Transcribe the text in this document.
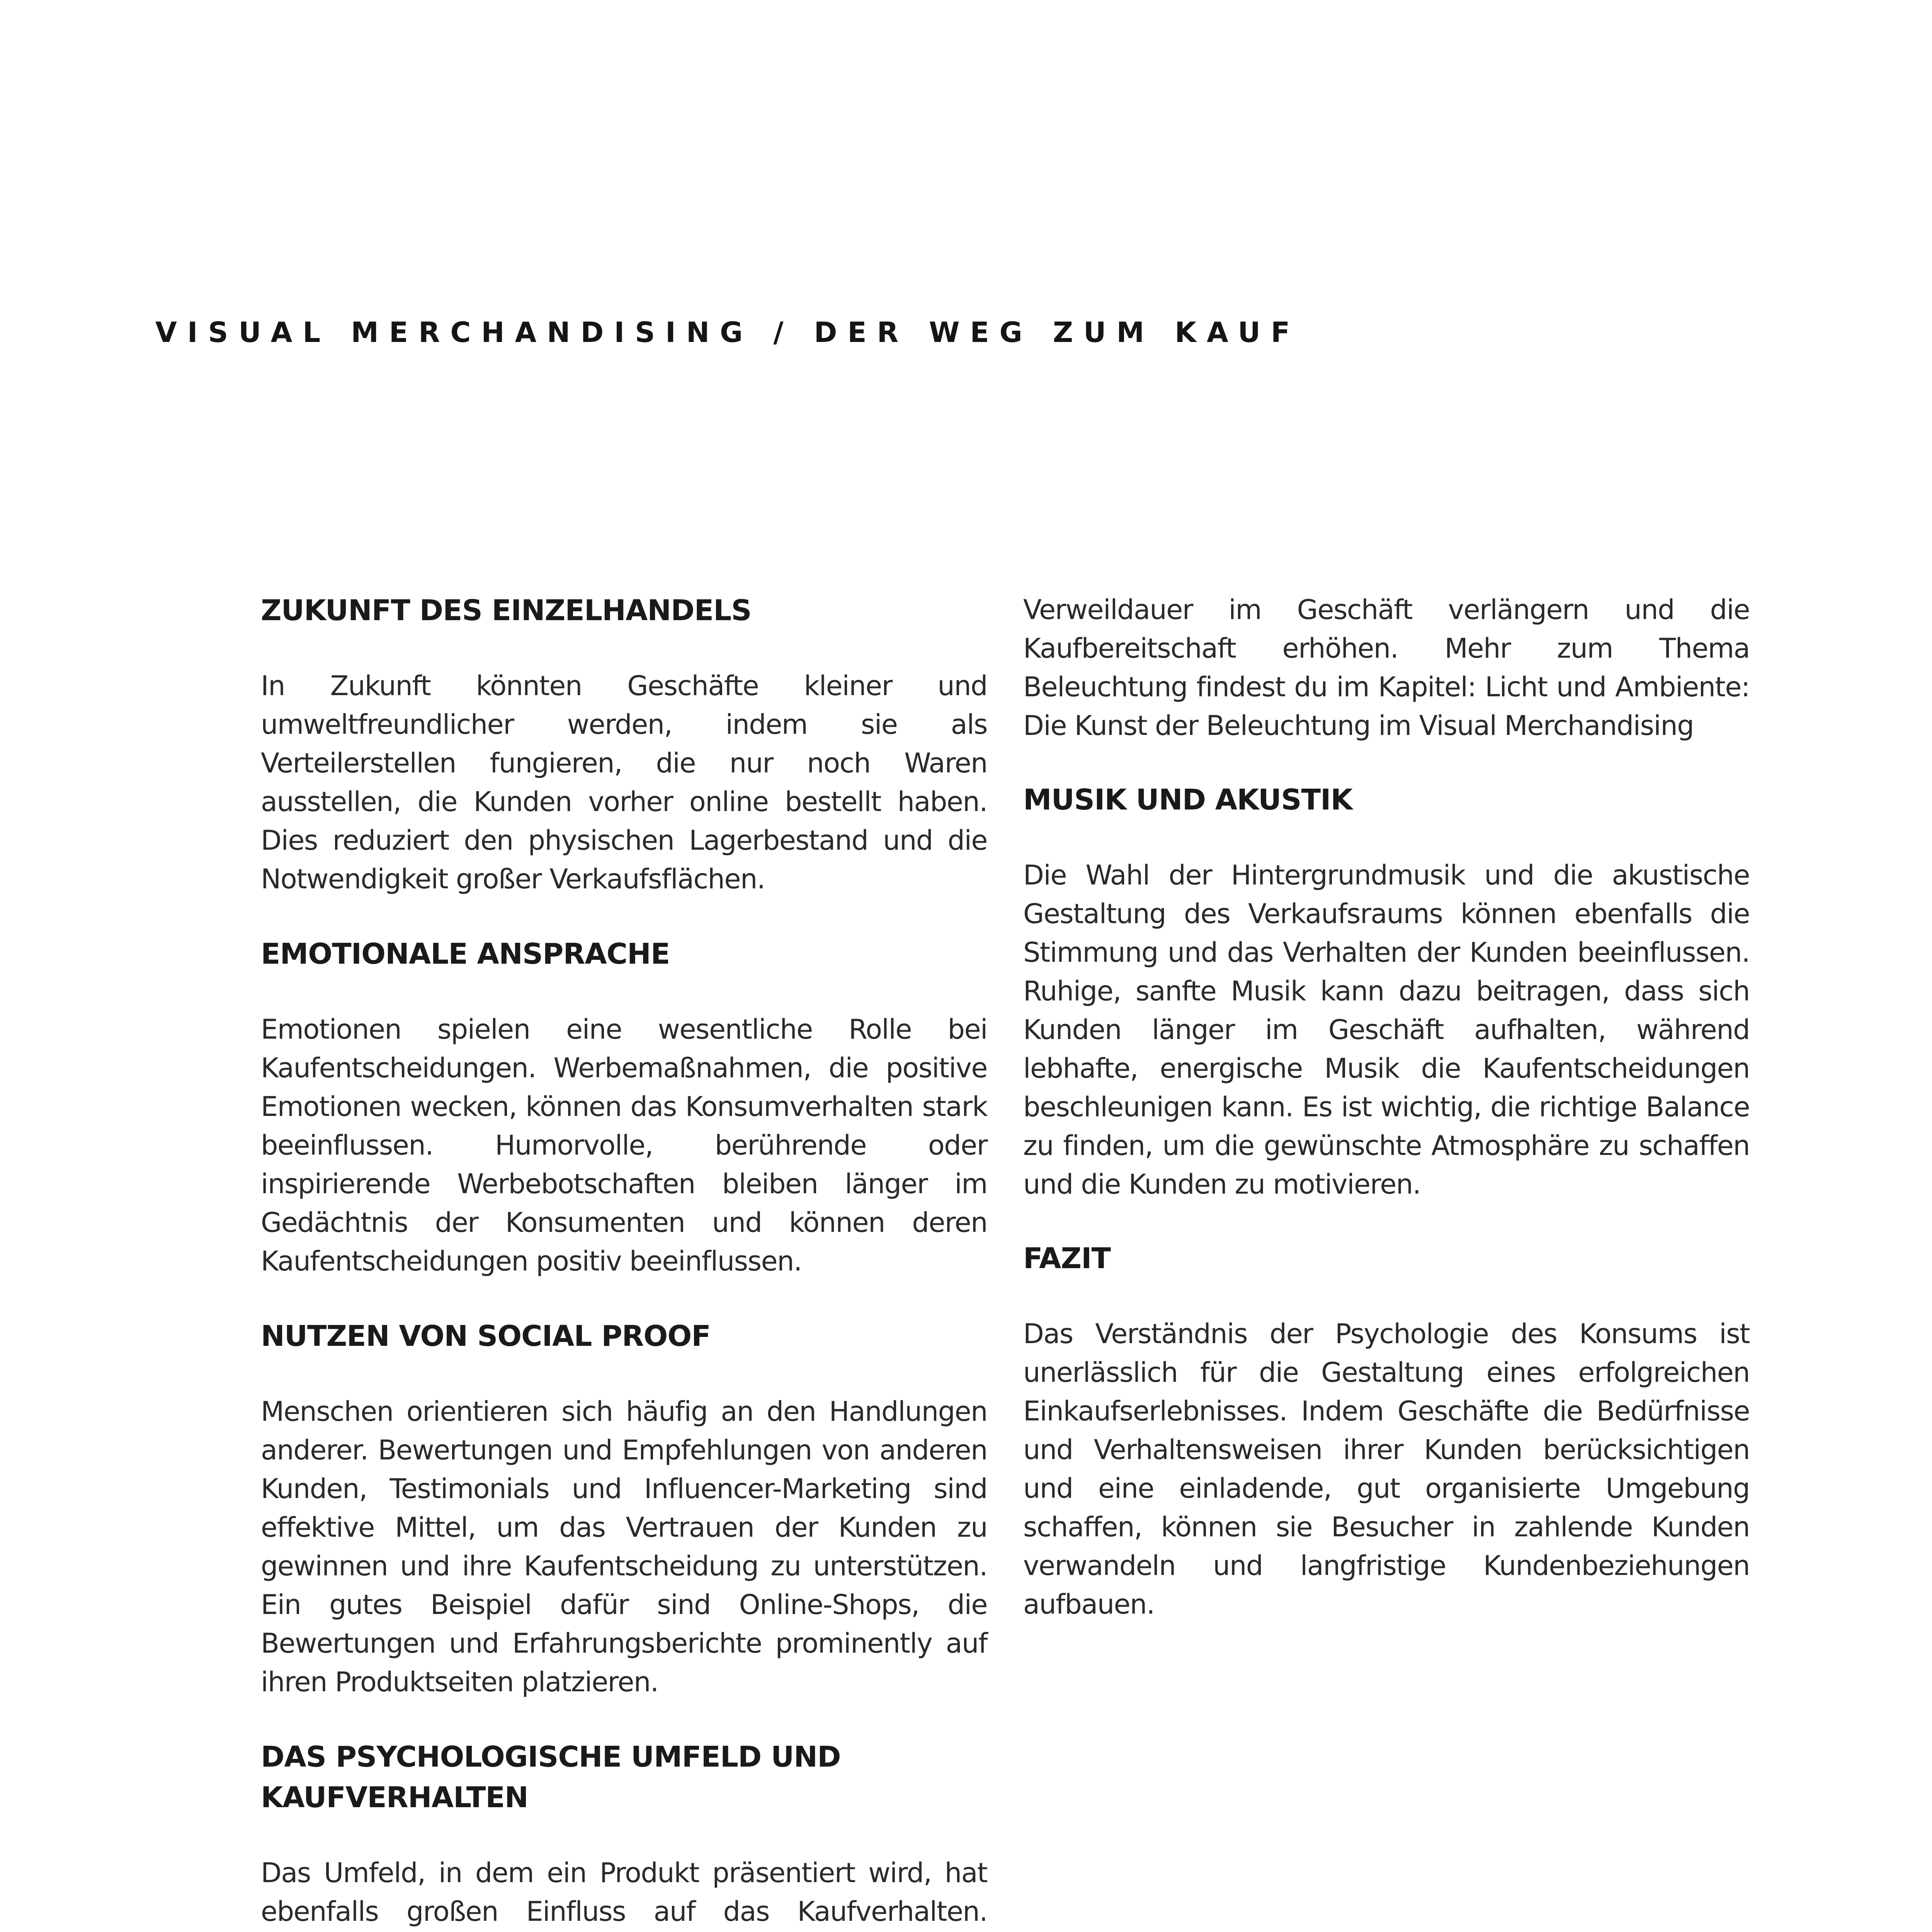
VISUAL MERCHANDISING / DER WEG ZUM KAUF
ZUKUNFT DES EINZELHANDELS

In Zukunft könnten Geschäfte kleiner und umweltfreundlicher werden, indem sie als Verteilerstellen fungieren, die nur noch Waren ausstellen, die Kunden vorher online bestellt haben. Dies reduziert den physischen Lagerbestand und die Notwendigkeit großer Verkaufsflächen.

EMOTIONALE ANSPRACHE

Emotionen spielen eine wesentliche Rolle bei Kaufentscheidungen. Werbemaßnahmen, die positive Emotionen wecken, können das Konsumverhalten stark beeinflussen. Humorvolle, berührende oder inspirierende Werbebotschaften bleiben länger im Gedächtnis der Konsumenten und können deren Kaufentscheidungen positiv beeinflussen.

NUTZEN VON SOCIAL PROOF

Menschen orientieren sich häufig an den Handlungen anderer. Bewertungen und Empfehlungen von anderen Kunden, Testimonials und Influencer-Marketing sind effektive Mittel, um das Vertrauen der Kunden zu gewinnen und ihre Kaufentscheidung zu unterstützen. Ein gutes Beispiel dafür sind Online-Shops, die Bewertungen und Erfahrungsberichte prominently auf ihren Produktseiten platzieren.

DAS PSYCHOLOGISCHE UMFELD UND KAUFVERHALTEN

Das Umfeld, in dem ein Produkt präsentiert wird, hat ebenfalls großen Einfluss auf das Kaufverhalten.

Verweildauer im Geschäft verlängern und die Kaufbereitschaft erhöhen. Mehr zum Thema Beleuchtung findest du im Kapitel: Licht und Ambiente: Die Kunst der Beleuchtung im Visual Merchandising

MUSIK UND AKUSTIK

Die Wahl der Hintergrundmusik und die akustische Gestaltung des Verkaufsraums können ebenfalls die Stimmung und das Verhalten der Kunden beeinflussen. Ruhige, sanfte Musik kann dazu beitragen, dass sich Kunden länger im Geschäft aufhalten, während lebhafte, energische Musik die Kaufentscheidungen beschleunigen kann. Es ist wichtig, die richtige Balance zu finden, um die gewünschte Atmosphäre zu schaffen und die Kunden zu motivieren.

FAZIT

Das Verständnis der Psychologie des Konsums ist unerlässlich für die Gestaltung eines erfolgreichen Einkaufserlebnisses. Indem Geschäfte die Bedürfnisse und Verhaltensweisen ihrer Kunden berücksichtigen und eine einladende, gut organisierte Umgebung schaffen, können sie Besucher in zahlende Kunden verwandeln und langfristige Kundenbeziehungen aufbauen.
